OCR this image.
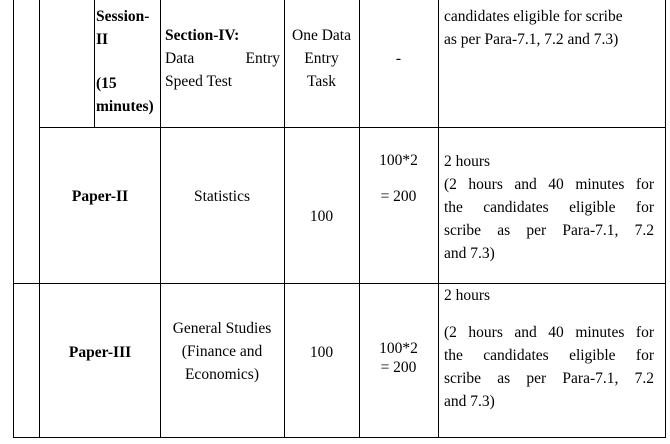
Session-
II
(15
minutes)
Section-IV:
Data Entry
Speed Test
One Data
Entry
Task
-
candidates eligible for scribe
as per Para-7.1, 7.2 and 7.3)
Paper-II	Statistics
100
100*2
= 200
2 hours
(2 hours and 40 minutes for
the candidates eligible for
scribe as per Para-7.1, 7.2
and 7.3)
Paper-III
General Studies
(Finance and
Economics)
100	100*2
= 200
2 hours
(2 hours and 40 minutes for
the candidates eligible for
scribe as per Para-7.1, 7.2
and 7.3)
